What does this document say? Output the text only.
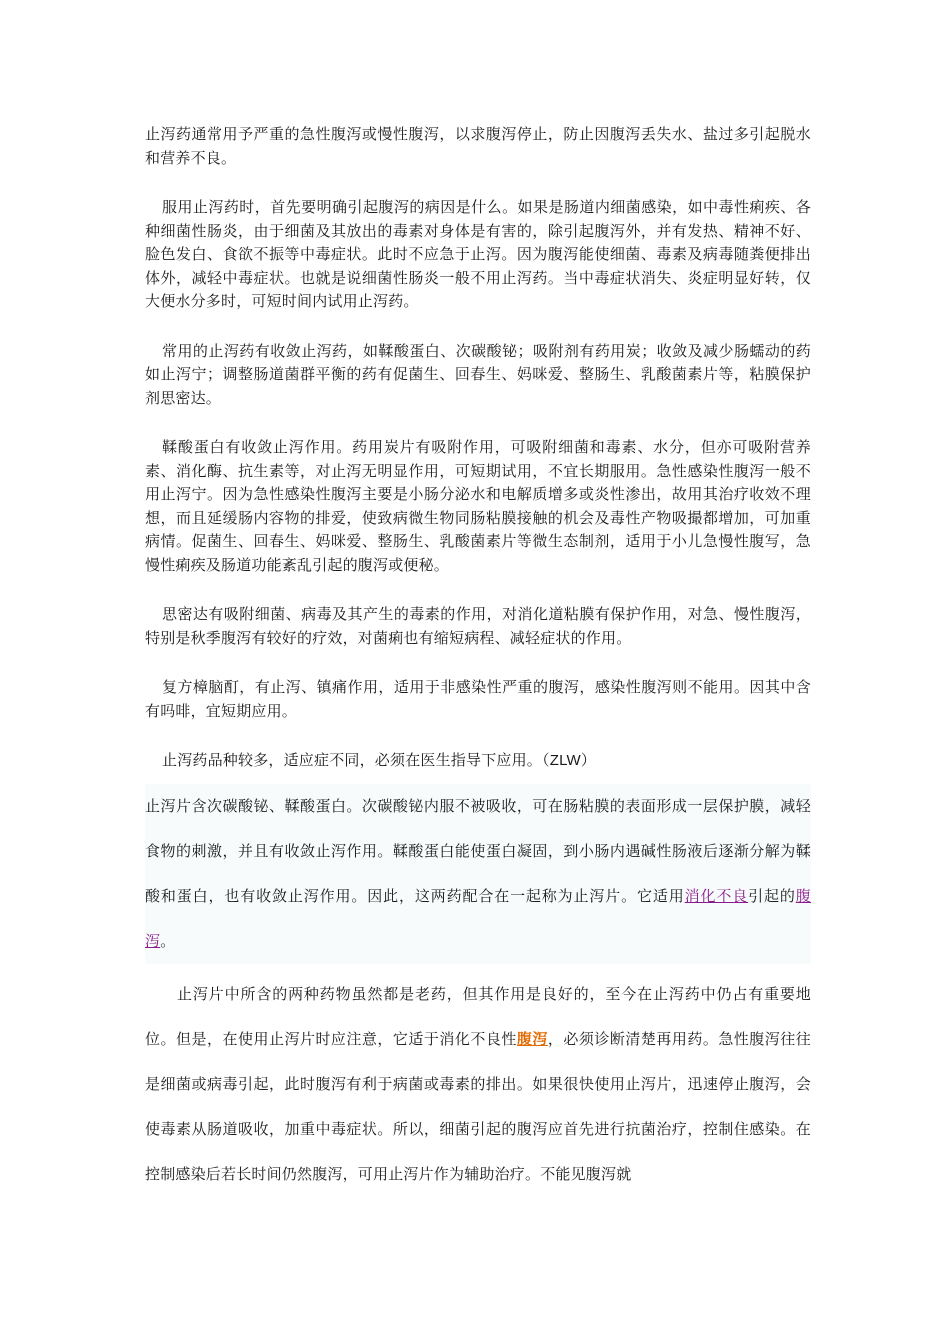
止泻药通常用予严重的急性腹泻或慢性腹泻，以求腹泻停止，防止因腹泻丢失水、盐过多引起脱水和营养不良。

服用止泻药时，首先要明确引起腹泻的病因是什么。如果是肠道内细菌感染，如中毒性痢疾、各种细菌性肠炎，由于细菌及其放出的毒素对身体是有害的，除引起腹泻外，并有发热、精神不好、脸色发白、食欲不振等中毒症状。此时不应急于止泻。因为腹泻能使细菌、毒素及病毒随粪便排出体外，减轻中毒症状。也就是说细菌性肠炎一般不用止泻药。当中毒症状消失、炎症明显好转，仅大便水分多时，可短时间内试用止泻药。

常用的止泻药有收敛止泻药，如鞣酸蛋白、次碳酸铋；吸附剂有药用炭；收敛及减少肠蠕动的药如止泻宁；调整肠道菌群平衡的药有促菌生、回春生、妈咪爱、整肠生、乳酸菌素片等，粘膜保护剂思密达。

鞣酸蛋白有收敛止泻作用。药用炭片有吸附作用，可吸附细菌和毒素、水分，但亦可吸附营养素、消化酶、抗生素等，对止泻无明显作用，可短期试用，不宜长期服用。急性感染性腹泻一般不用止泻宁。因为急性感染性腹泻主要是小肠分泌水和电解质增多或炎性渗出，故用其治疗收效不理想，而且延缓肠内容物的排爱，使致病微生物同肠粘膜接触的机会及毒性产物吸撮都增加，可加重病情。促菌生、回春生、妈咪爱、整肠生、乳酸菌素片等微生态制剂，适用于小儿急慢性腹写，急慢性痢疾及肠道功能紊乱引起的腹泻或便秘。

思密达有吸附细菌、病毒及其产生的毒素的作用，对消化道粘膜有保护作用，对急、慢性腹泻，特别是秋季腹泻有较好的疗效，对菌痢也有缩短病程、减轻症状的作用。

复方樟脑酊，有止泻、镇痛作用，适用于非感染性严重的腹泻，感染性腹泻则不能用。因其中含有吗啡，宜短期应用。

止泻药品种较多，适应症不同，必须在医生指导下应用。（ZLW）

止泻片含次碳酸铋、鞣酸蛋白。次碳酸铋内服不被吸收，可在肠粘膜的表面形成一层保护膜，减轻食物的刺激，并且有收敛止泻作用。鞣酸蛋白能使蛋白凝固，到小肠内遇碱性肠液后逐渐分解为鞣酸和蛋白，也有收敛止泻作用。因此，这两药配合在一起称为止泻片。它适用消化不良引起的腹泻。

止泻片中所含的两种药物虽然都是老药，但其作用是良好的，至今在止泻药中仍占有重要地位。但是，在使用止泻片时应注意，它适于消化不良性腹泻，必须诊断清楚再用药。急性腹泻往往是细菌或病毒引起，此时腹泻有利于病菌或毒素的排出。如果很快使用止泻片，迅速停止腹泻，会使毒素从肠道吸收，加重中毒症状。所以，细菌引起的腹泻应首先进行抗菌治疗，控制住感染。在控制感染后若长时间仍然腹泻，可用止泻片作为辅助治疗。不能见腹泻就
